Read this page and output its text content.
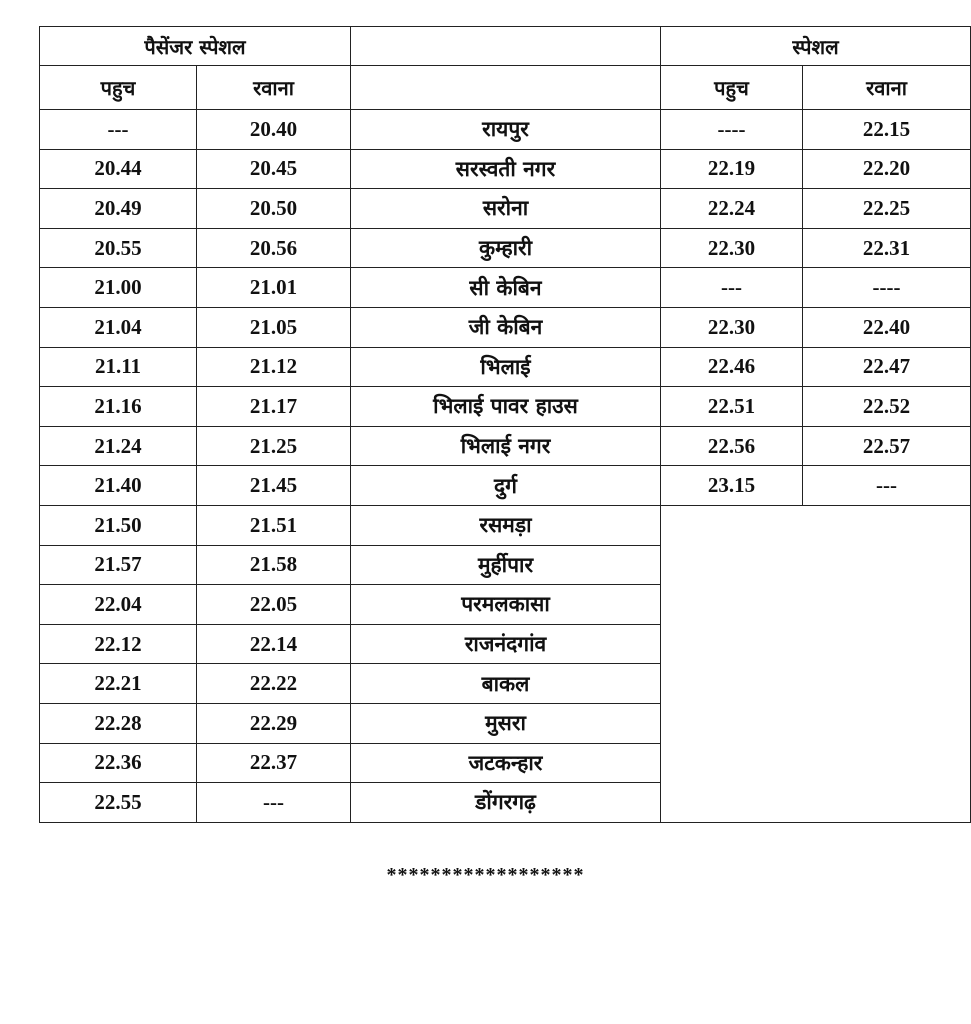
पैसेंजर स्पेशल			स्पेशल	
पहुच	रवाना		पहुच	रवाना
---	20.40	रायपुर	----	22.15
20.44	20.45	सरस्वती नगर	22.19	22.20
20.49	20.50	सरोना	22.24	22.25
20.55	20.56	कुम्हारी	22.30	22.31
21.00	21.01	सी केबिन	---	----
21.04	21.05	जी केबिन	22.30	22.40
21.11	21.12	भिलाई	22.46	22.47
21.16	21.17	भिलाई पावर हाउस	22.51	22.52
21.24	21.25	भिलाई नगर	22.56	22.57
21.40	21.45	दुर्ग	23.15	---
21.50	21.51	रसमड़ा		
21.57	21.58	मुर्हीपार		
22.04	22.05	परमलकासा		
22.12	22.14	राजनंदगांव		
22.21	22.22	बाकल		
22.28	22.29	मुसरा		
22.36	22.37	जटकन्हार		
22.55	---	डोंगरगढ़		
******************
